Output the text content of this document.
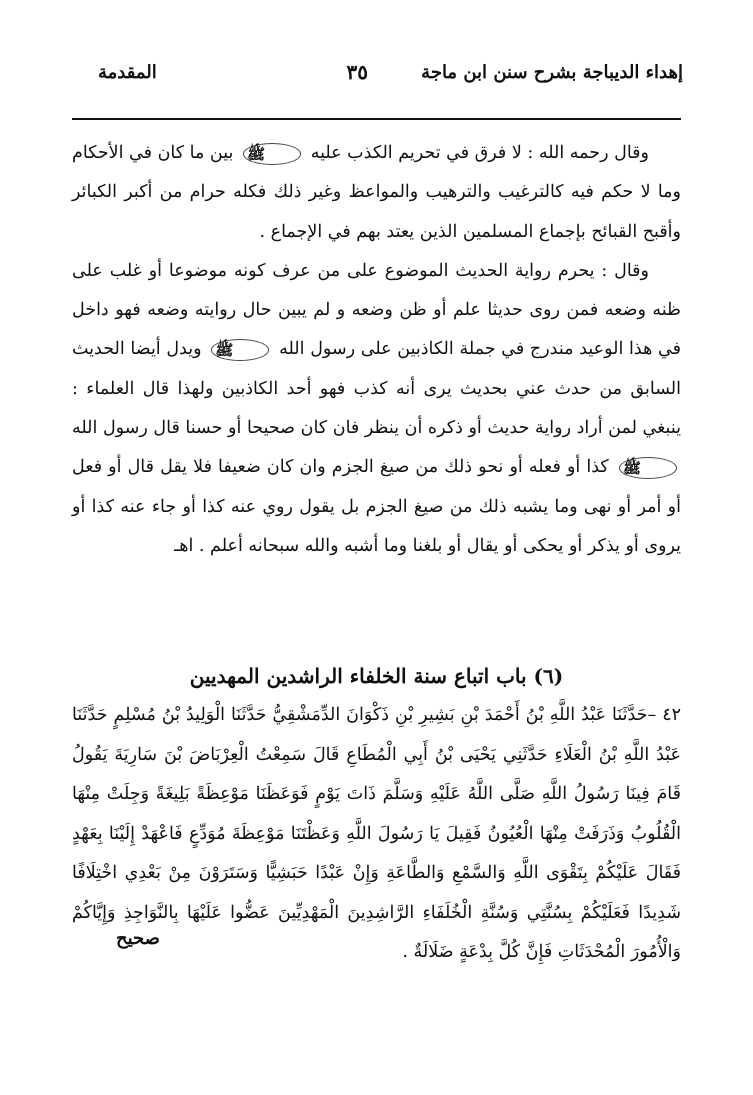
إهداء الديباجة بشرح سنن ابن ماجة
٣٥
المقدمة

وقال رحمه الله : لا فرق في تحريم الكذب عليه ﷺ بين ما كان في الأحكام وما لا حكم فيه كالترغيب والترهيب والمواعظ وغير ذلك فكله حرام من أكبر الكبائر وأقبح القبائح بإجماع المسلمين الذين يعتد بهم في الإجماع .

وقال : يحرم رواية الحديث الموضوع على من عرف كونه موضوعا أو غلب على ظنه وضعه فمن روى حديثا علم أو ظن وضعه و لم يبين حال روايته وضعه فهو داخل في هذا الوعيد مندرج في جملة الكاذبين على رسول الله ﷺ ويدل أيضا الحديث السابق من حدث عني بحديث يرى أنه كذب فهو أحد الكاذبين ولهذا قال العلماء : ينبغي لمن أراد رواية حديث أو ذكره أن ينظر فان كان صحيحا أو حسنا قال رسول الله ﷺ كذا أو فعله أو نحو ذلك من صيغ الجزم وان كان ضعيفا فلا يقل قال أو فعل أو أمر أو نهى وما يشبه ذلك من صيغ الجزم بل يقول روي عنه كذا أو جاء عنه كذا أو يروى أو يذكر أو يحكى أو يقال أو بلغنا وما أشبه والله سبحانه أعلم . اهـ

(٦) باب اتباع سنة الخلفاء الراشدين المهديين

٤٢ –حَدَّثَنَا عَبْدُ اللَّهِ بْنُ أَحْمَدَ بْنِ بَشِيرِ بْنِ ذَكْوَانَ الدِّمَشْقِيُّ حَدَّثَنَا الْوَلِيدُ بْنُ مُسْلِمٍ حَدَّثَنَا عَبْدُ اللَّهِ بْنُ الْعَلَاءِ حَدَّثَنِي يَحْيَى بْنُ أَبِي الْمُطَاعِ قَالَ سَمِعْتُ الْعِرْبَاضَ بْنَ سَارِيَةَ يَقُولُ قَامَ فِينَا رَسُولُ اللَّهِ صَلَّى اللَّهُ عَلَيْهِ وَسَلَّمَ ذَاتَ يَوْمٍ فَوَعَظَنَا مَوْعِظَةً بَلِيغَةً وَجِلَتْ مِنْهَا الْقُلُوبُ وَذَرَفَتْ مِنْهَا الْعُيُونُ فَقِيلَ يَا رَسُولَ اللَّهِ وَعَظْتَنَا مَوْعِظَةَ مُوَدِّعٍ فَاعْهَدْ إِلَيْنَا بِعَهْدٍ فَقَالَ عَلَيْكُمْ بِتَقْوَى اللَّهِ وَالسَّمْعِ وَالطَّاعَةِ وَإِنْ عَبْدًا حَبَشِيًّا وَسَتَرَوْنَ مِنْ بَعْدِي اخْتِلَافًا شَدِيدًا فَعَلَيْكُمْ بِسُنَّتِي وَسُنَّةِ الْخُلَفَاءِ الرَّاشِدِينَ الْمَهْدِيِّينَ عَضُّوا عَلَيْهَا بِالنَّوَاجِذِ وَإِيَّاكُمْ وَالْأُمُورَ الْمُحْدَثَاتِ فَإِنَّ كُلَّ بِدْعَةٍ ضَلَالَةٌ .

صحيح
